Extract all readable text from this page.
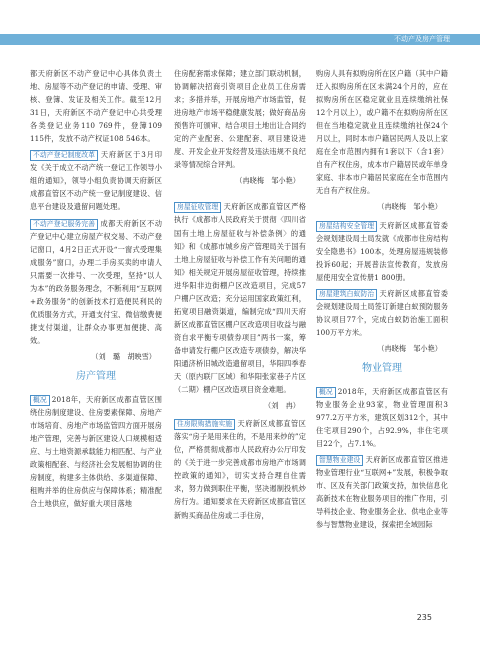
不动产及房产管理

都天府新区不动产登记中心具体负责土地、房屋等不动产登记的申请、受理、审核、登簿、发证及相关工作。截至12月31日，天府新区不动产登记中心共受理各类登记业务110 769件，登簿109 115件，发放不动产权证108 546本。

不动产登记制度改革 天府新区于3月印发《关于成立不动产统一登记工作领导小组的通知》，领导小组负责协调天府新区成都直管区不动产统一登记制度建设、信息平台建设及遗留问题处理。

不动产登记服务完善 成都天府新区不动产登记中心建立房屋产权交易、不动产登记窗口，4月2日正式开设“一窗式受理集成服务”窗口，办理二手房买卖的申请人只需要一次排号、一次受理，坚持“以人为本”的政务服务理念，不断利用“互联网+政务服务”的创新技术打造便民利民的优质服务方式，开通支付宝、微信缴费便捷支付渠道，让群众办事更加便捷、高效。

（刘　璐　胡映雪）

房产管理

概况 2018年，天府新区成都直管区围绕住房制度建设、住房要素保障、房地产市场培育、房地产市场监管四方面开展房地产管理，完善与新区建设人口规模相适应、与土地资源承载能力相匹配、与产业政策相配套、与经济社会发展相协调的住房制度，构建多主体供给、多渠道保障、租购并举的住房供应与保障体系；精准配合土地供应，做好重大项目落地

住房配套需求保障；建立部门联动机制，协调解决招商引资项目企业员工住房需求；多措并举，开展房地产市场监管，促进房地产市场平稳健康发展；做好商品房预售许可颁审、结合项目土地出让合同约定的产业配套、公建配套、项目建设进度、开发企业开发经营及违法违规不良纪录等情况综合评判。

（冉晓梅　邹小艳）

房屋征收管理 天府新区成都直管区严格执行《成都市人民政府关于贯彻〈四川省国有土地上房屋征收与补偿条例〉的通知》和《成都市城乡房产管理局关于国有土地上房屋征收与补偿工作有关问题的通知》相关规定开展房屋征收管理，持续推进华阳非边街棚户区改造项目，完成57户棚户区改造；充分运用国家政策红利，拓宽项目融资渠道，编制完成“四川天府新区成都直管区棚户区改造项目收益与融资自求平衡专项债券项目”两书一案，筹备申请发行棚户区改造专项债券，解决华阳通济桥旧城改造遗留项目，华阳四季春天（原内联厂区域）和华阳张家巷子片区（二期）棚户区改造项目资金难题。

（刘　冉）

住房限购措施实施 天府新区成都直管区落实“房子是用来住的，不是用来炒的”定位，严格贯彻成都市人民政府办公厅印发的《关于进一步完善成都市房地产市场调控政策的通知》，切实支持合理自住需求，努力做到职住平衡，坚决遏制投机炒房行为。通知要求在天府新区成都直管区新购买商品住房或二手住房，

购房人具有拟购房所在区户籍（其中户籍迁入拟购房所在区未满24个月的，应在拟购房所在区稳定就业且连续缴纳社保12个月以上），或户籍不在拟购房所在区但在当地稳定就业且连续缴纳社保24个月以上，同时本市户籍居民两人及以上家庭在全市范围内拥有1套以下（含1套）自有产权住房，成本市户籍居民或年单身家庭、非本市户籍居民家庭在全市范围内无自有产权住房。

（冉晓梅　邹小艳）

房屋结构安全管理 天府新区成都直管委会规划建设局土局发就《成都市住房结构安全隐患书》100本，处理房屋违规装修投诉60起；开展普法宣传教育，发放房屋使用安全宣传册1 800册。

房屋建筑白蚁防治 天府新区成都直管委会规划建设局土局签订新建白蚁预防服务协议项目77个，完成白蚁防治施工面积100万平方米。

（冉晓梅　邹小艳）

物业管理

概况 2018年，天府新区成都直管区有物业服务企业93家，物业管理面积3 977.2万平方米，建筑区划312个，其中住宅项目290个，占92.9%，非住宅项目22个，占7.1%。

智慧物业建设 天府新区成都直管区推进物业管理行业“互联网+”发展，积极争取市、区及有关部门政策支持，加快信息化高新技术在物业服务项目的推广作用，引导科技企业、物业服务企业、供电企业等参与智慧物业建设，探索把全域园际

235
